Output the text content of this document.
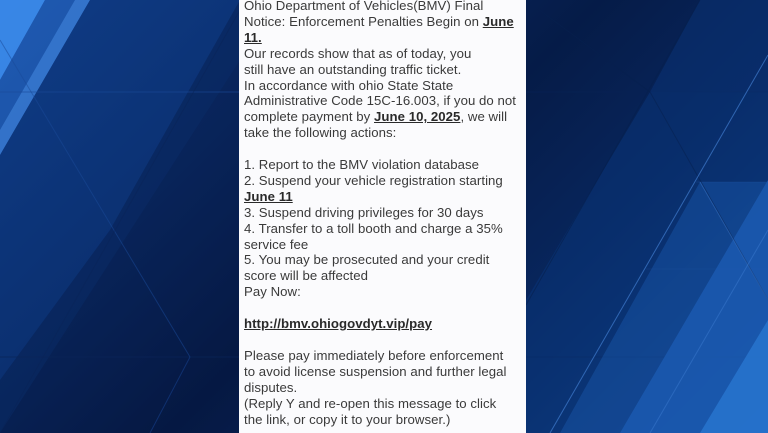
Ohio Department of Vehicles(BMV) Final
Notice: Enforcement Penalties Begin on June
11.
Our records show that as of today, you
still have an outstanding traffic ticket.
In accordance with ohio State State
Administrative Code 15C-16.003, if you do not
complete payment by June 10, 2025, we will
take the following actions:
1. Report to the BMV violation database
2. Suspend your vehicle registration starting
June 11
3. Suspend driving privileges for 30 days
4. Transfer to a toll booth and charge a 35%
service fee
5. You may be prosecuted and your credit
score will be affected
Pay Now:
http://bmv.ohiogovdyt.vip/pay
Please pay immediately before enforcement
to avoid license suspension and further legal
disputes.
(Reply Y and re-open this message to click
the link, or copy it to your browser.)
